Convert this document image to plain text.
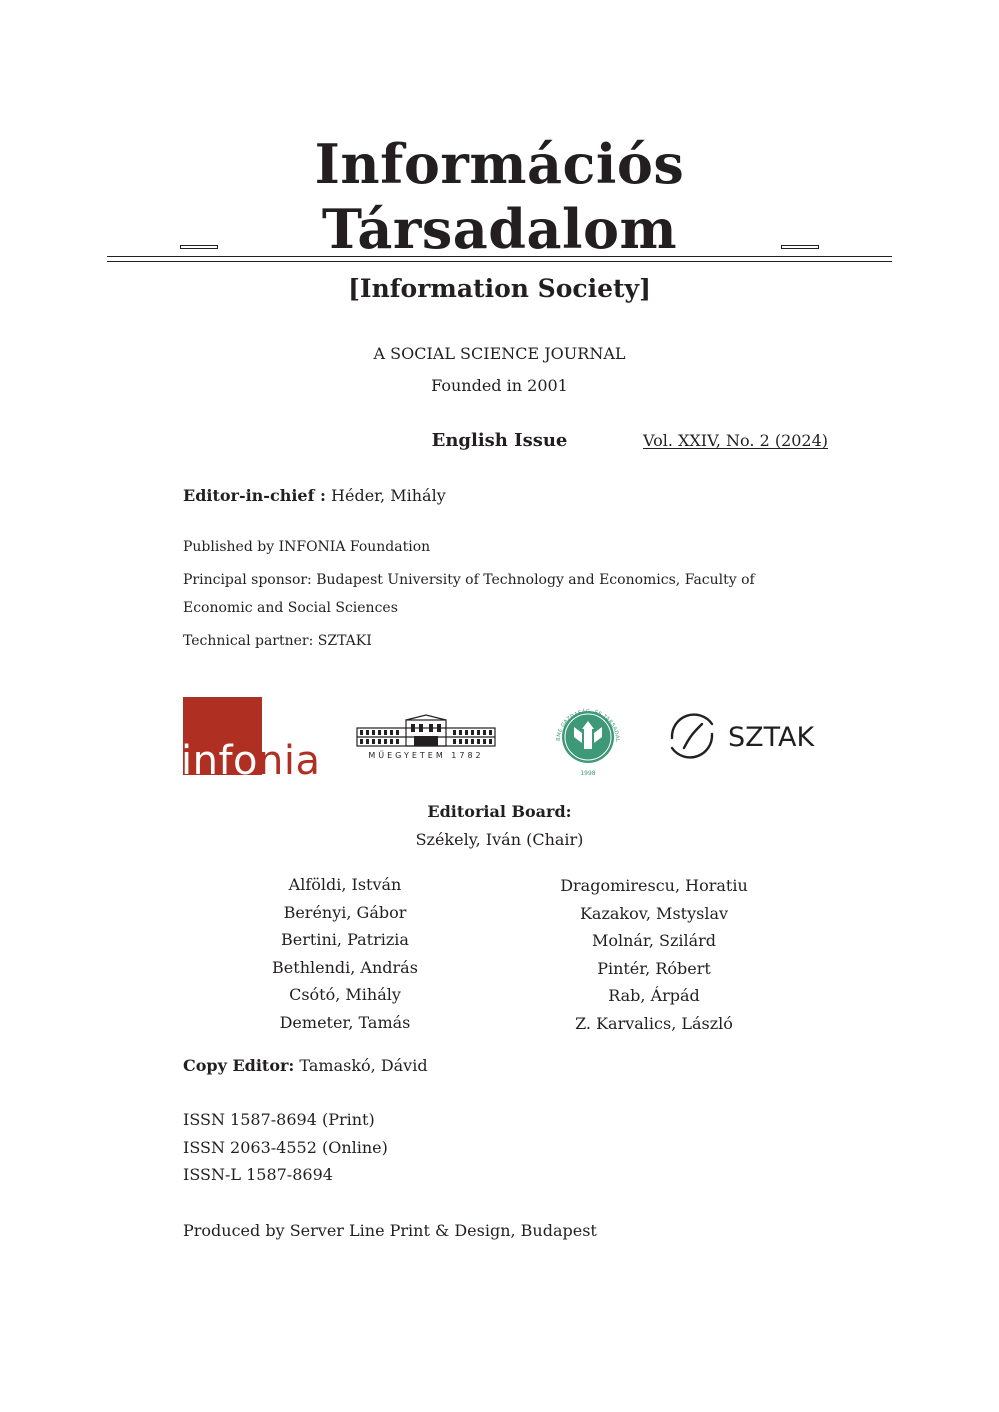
Információs
Társadalom
[Information Society]
A SOCIAL SCIENCE JOURNAL
Founded in 2001
English Issue	Vol. XXIV, No. 2 (2024)
Editor-in-chief : Héder, Mihály
Published by INFONIA Foundation
Principal sponsor: Budapest University of Technology and Economics, Faculty of Economic and Social Sciences
Technical partner: SZTAKI
infonia	MŰEGYETEM 1782
BME GAZDASÁG- ÉS TÁRSADAL
1998
SZTAKI
Editorial Board:
Székely, Iván (Chair)
Alföldi, István
Berényi, Gábor
Bertini, Patrizia
Bethlendi, András
Csótó, Mihály
Demeter, Tamás
Dragomirescu, Horatiu
Kazakov, Mstyslav
Molnár, Szilárd
Pintér, Róbert
Rab, Árpád
Z. Karvalics, László
Copy Editor: Tamaskó, Dávid
ISSN 1587-8694 (Print)
ISSN 2063-4552 (Online)
ISSN-L 1587-8694
Produced by Server Line Print & Design, Budapest
